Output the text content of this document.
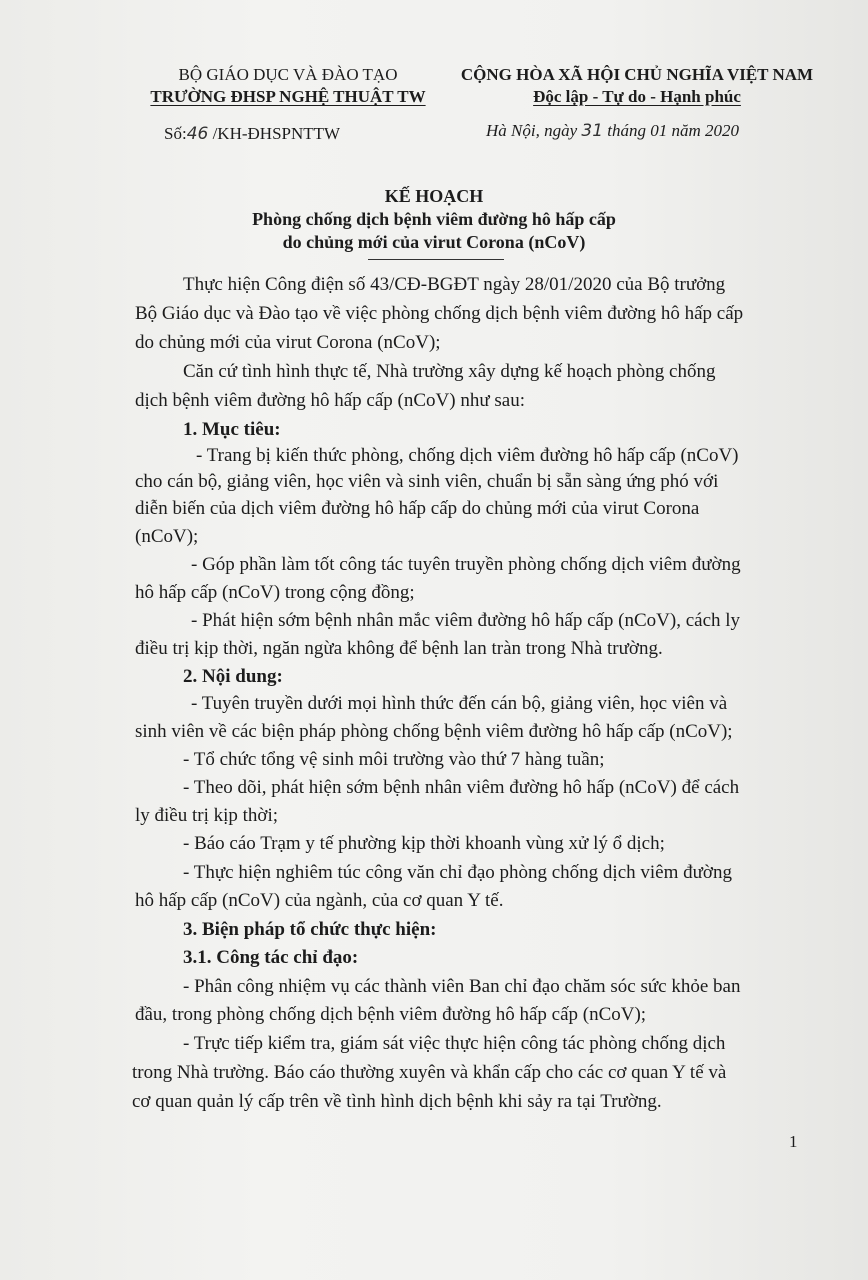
BỘ GIÁO DỤC VÀ ĐÀO TẠO
TRƯỜNG ĐHSP NGHỆ THUẬT TW
CỘNG HÒA XÃ HỘI CHỦ NGHĨA VIỆT NAM
Độc lập - Tự do - Hạnh phúc
Số:46 /KH-ĐHSPNTTW	Hà Nội, ngày 31 tháng 01 năm 2020
KẾ HOẠCH
Phòng chống dịch bệnh viêm đường hô hấp cấp
do chủng mới của virut Corona (nCoV)
Thực hiện Công điện số 43/CĐ-BGĐT ngày 28/01/2020 của Bộ trưởng
Bộ Giáo dục và Đào tạo về việc phòng chống dịch bệnh viêm đường hô hấp cấp
do chủng mới của virut Corona (nCoV);
Căn cứ tình hình thực tế, Nhà trường xây dựng kế hoạch phòng chống
dịch bệnh viêm đường hô hấp cấp (nCoV) như sau:
1. Mục tiêu:
- Trang bị kiến thức phòng, chống dịch viêm đường hô hấp cấp (nCoV)
cho cán bộ, giảng viên, học viên và sinh viên, chuẩn bị sẵn sàng ứng phó với
diễn biến của dịch viêm đường hô hấp cấp do chủng mới của virut Corona
(nCoV);
- Góp phần làm tốt công tác tuyên truyền phòng chống dịch viêm đường
hô hấp cấp (nCoV) trong cộng đồng;
- Phát hiện sớm bệnh nhân mắc viêm đường hô hấp cấp (nCoV), cách ly
điều trị kịp thời, ngăn ngừa không để bệnh lan tràn trong Nhà trường.
2. Nội dung:
- Tuyên truyền dưới mọi hình thức đến cán bộ, giảng viên, học viên và
sinh viên về các biện pháp phòng chống bệnh viêm đường hô hấp cấp (nCoV);
- Tổ chức tổng vệ sinh môi trường vào thứ 7 hàng tuần;
- Theo dõi, phát hiện sớm bệnh nhân viêm đường hô hấp (nCoV) để cách
ly điều trị kịp thời;
- Báo cáo Trạm y tế phường kịp thời khoanh vùng xử lý ổ dịch;
- Thực hiện nghiêm túc công văn chỉ đạo phòng chống dịch viêm đường
hô hấp cấp (nCoV) của ngành, của cơ quan Y tế.
3. Biện pháp tổ chức thực hiện:
3.1. Công tác chỉ đạo:
- Phân công nhiệm vụ các thành viên Ban chỉ đạo chăm sóc sức khỏe ban
đầu, trong phòng chống dịch bệnh viêm đường hô hấp cấp (nCoV);
- Trực tiếp kiểm tra, giám sát việc thực hiện công tác phòng chống dịch
trong Nhà trường. Báo cáo thường xuyên và khẩn cấp cho các cơ quan Y tế và
cơ quan quản lý cấp trên về tình hình dịch bệnh khi sảy ra tại Trường.
1
